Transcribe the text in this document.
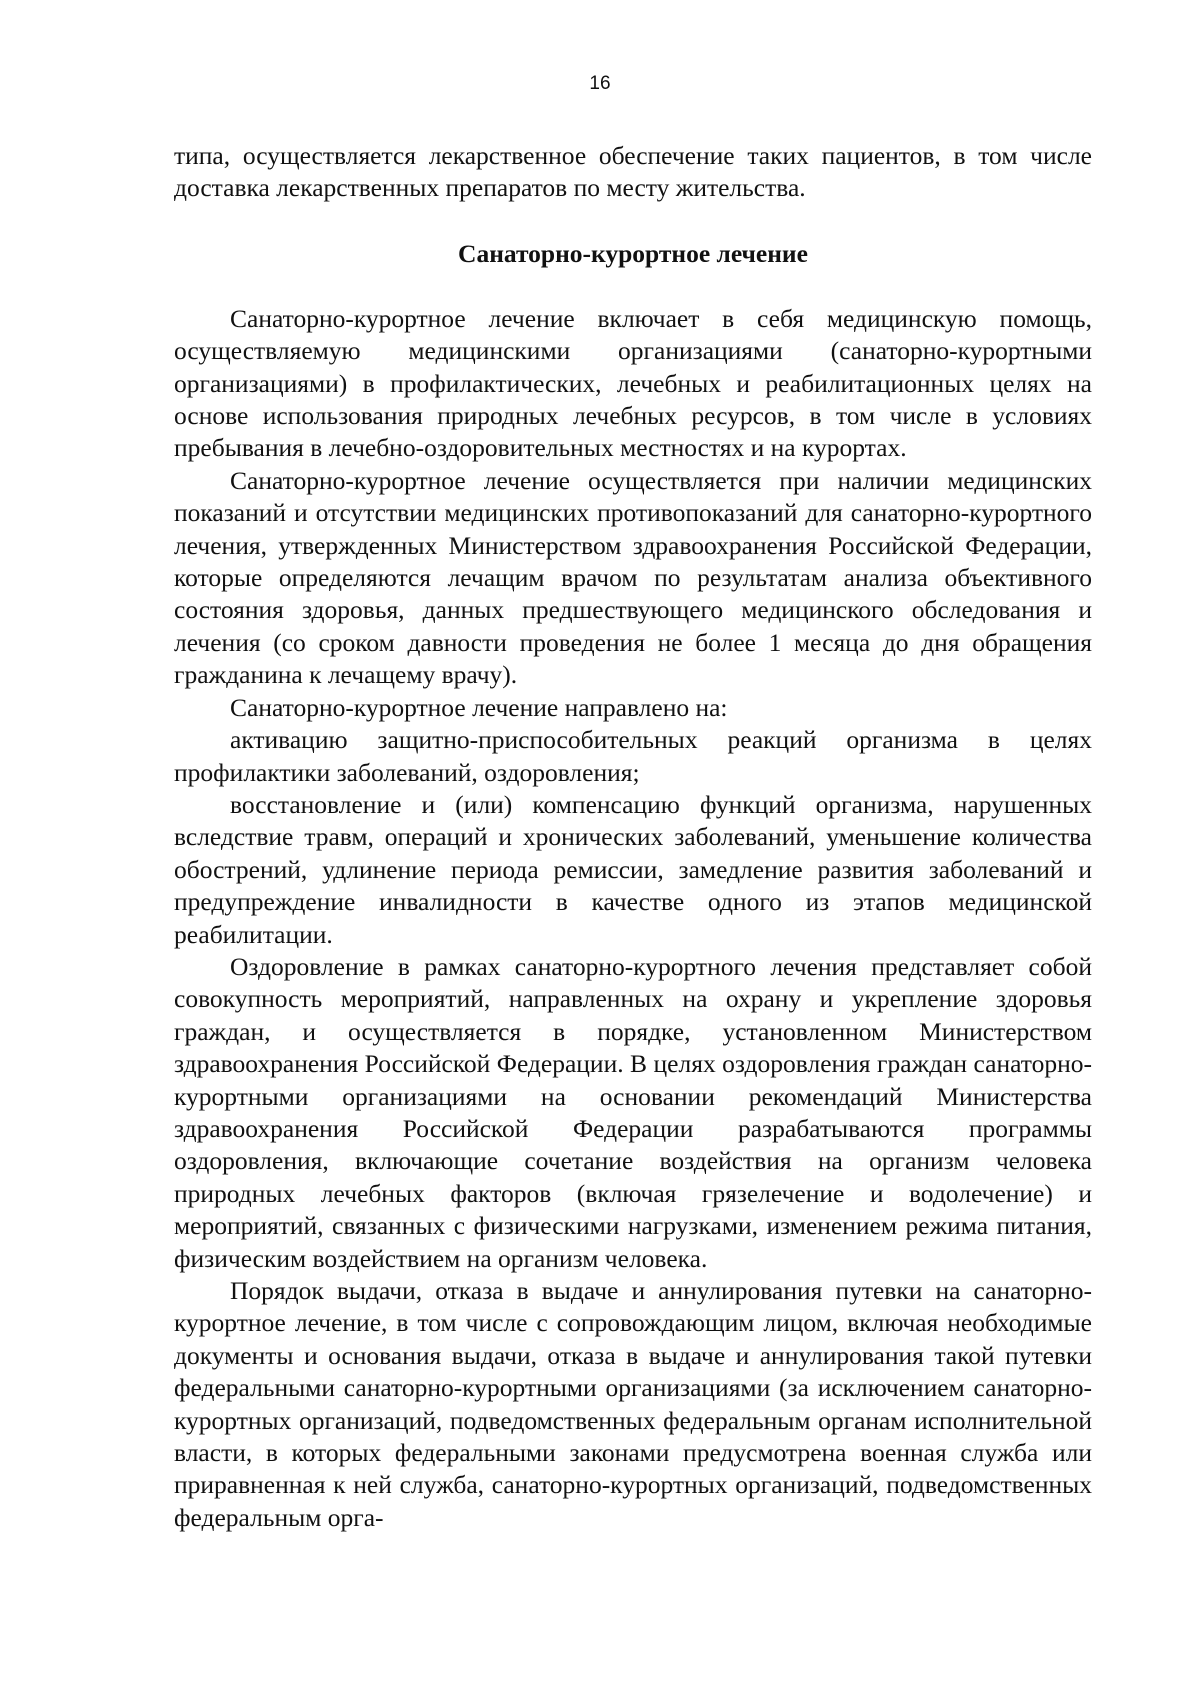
16

типа, осуществляется лекарственное обеспечение таких пациентов, в том числе доставка лекарственных препаратов по месту жительства.

Санаторно-курортное лечение

Санаторно-курортное лечение включает в себя медицинскую помощь, осуществляемую медицинскими организациями (санаторно-курортными организациями) в профилактических, лечебных и реабилитационных целях на основе использования природных лечебных ресурсов, в том числе в условиях пребывания в лечебно-оздоровительных местностях и на курортах.

Санаторно-курортное лечение осуществляется при наличии медицинских показаний и отсутствии медицинских противопоказаний для санаторно-курортного лечения, утвержденных Министерством здравоохранения Российской Федерации, которые определяются лечащим врачом по результатам анализа объективного состояния здоровья, данных предшествующего медицинского обследования и лечения (со сроком давности проведения не более 1 месяца до дня обращения гражданина к лечащему врачу).

Санаторно-курортное лечение направлено на:

активацию защитно-приспособительных реакций организма в целях профилактики заболеваний, оздоровления;

восстановление и (или) компенсацию функций организма, нарушенных вследствие травм, операций и хронических заболеваний, уменьшение количества обострений, удлинение периода ремиссии, замедление развития заболеваний и предупреждение инвалидности в качестве одного из этапов медицинской реабилитации.

Оздоровление в рамках санаторно-курортного лечения представляет собой совокупность мероприятий, направленных на охрану и укрепление здоровья граждан, и осуществляется в порядке, установленном Министерством здравоохранения Российской Федерации. В целях оздоровления граждан санаторно-курортными организациями на основании рекомендаций Министерства здравоохранения Российской Федерации разрабатываются программы оздоровления, включающие сочетание воздействия на организм человека природных лечебных факторов (включая грязелечение и водолечение) и мероприятий, связанных с физическими нагрузками, изменением режима питания, физическим воздействием на организм человека.

Порядок выдачи, отказа в выдаче и аннулирования путевки на санаторно-курортное лечение, в том числе с сопровождающим лицом, включая необходимые документы и основания выдачи, отказа в выдаче и аннулирования такой путевки федеральными санаторно-курортными организациями (за исключением санаторно-курортных организаций, подведомственных федеральным органам исполнительной власти, в которых федеральными законами предусмотрена военная служба или приравненная к ней служба, санаторно-курортных организаций, подведомственных федеральным орга-
